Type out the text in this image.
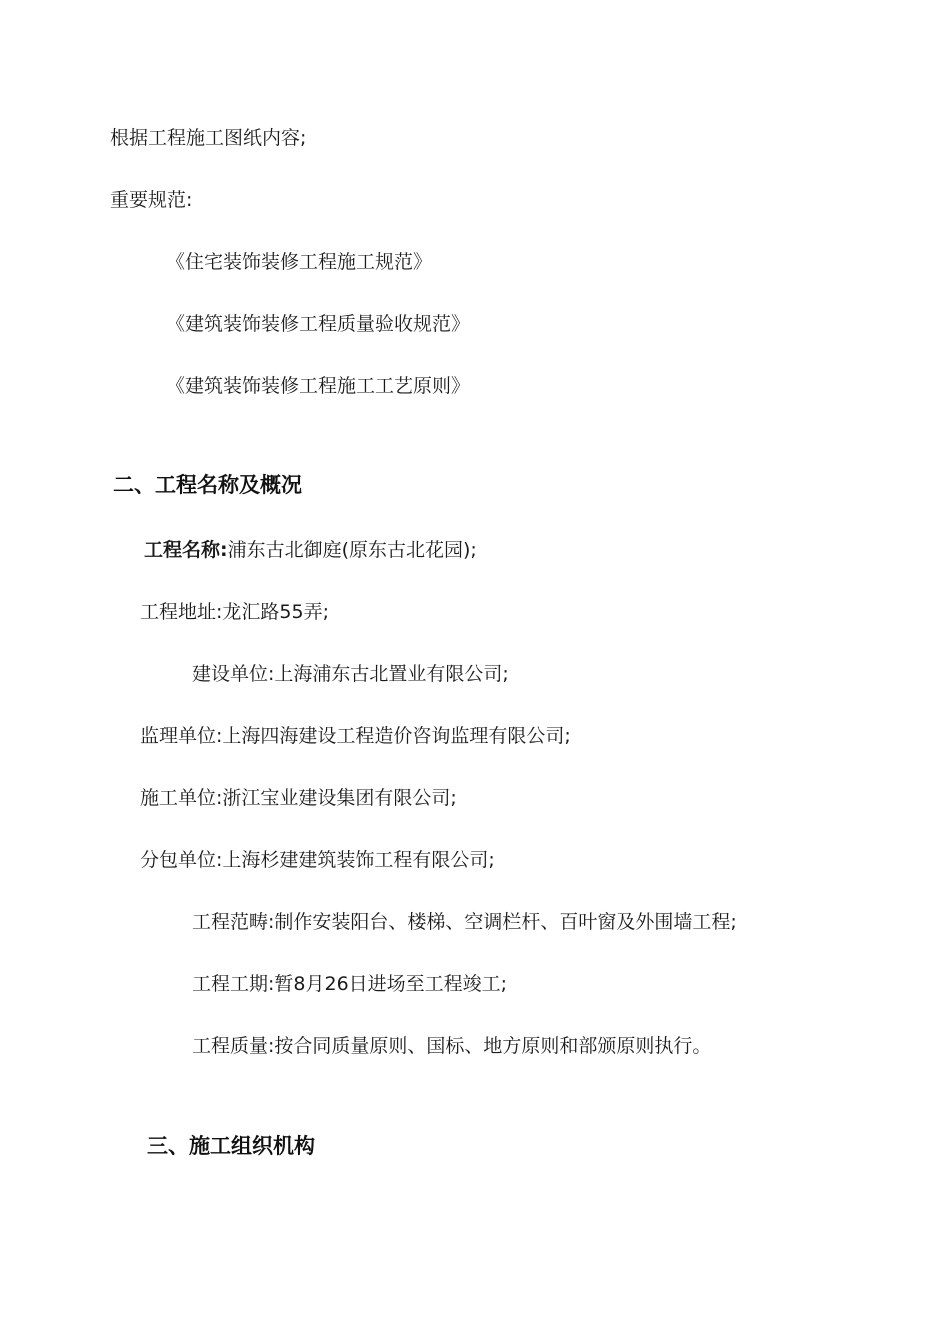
根据工程施工图纸内容;
重要规范:
《住宅装饰装修工程施工规范》
《建筑装饰装修工程质量验收规范》
《建筑装饰装修工程施工工艺原则》
二、工程名称及概况
工程名称:浦东古北御庭(原东古北花园);
工程地址:龙汇路55弄;
建设单位:上海浦东古北置业有限公司;
监理单位:上海四海建设工程造价咨询监理有限公司;
施工单位:浙江宝业建设集团有限公司;
分包单位:上海杉建建筑装饰工程有限公司;
工程范畴:制作安装阳台、楼梯、空调栏杆、百叶窗及外围墙工程;
工程工期:暂8月26日进场至工程竣工;
工程质量:按合同质量原则、国标、地方原则和部颁原则执行。
三、施工组织机构
